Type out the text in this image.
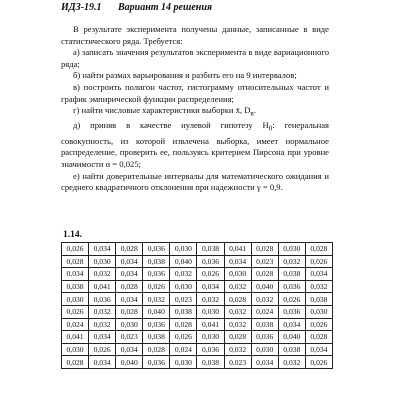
ИДЗ-19.1 Вариант 14 решения

В результате эксперимента получены данные, записанные в виде статистического ряда. Требуется:

а) записать значения результатов эксперимента в виде вариационного ряда;

б) найти размах варьирования и разбить его на 9 интервалов;

в) построить полигон частот, гистограмму относительных частот и график эмпирической функции распределения;

г) найти числовые характеристики выборки x̄, $D_в$.

д) приняв в качестве нулевой гипотезу $H_0$: генеральная совокупность, из которой извлечена выборка, имеет нормальное распределение, проверить ее, пользуясь критерием Пирсона при уровне значимости α = 0,025;

е) найти доверительные интервалы для математического ожидания и среднего квадратичного отклонения при надежности γ = 0,9.

1.14.
0,026	0,034	0,028	0,036	0,030	0,038	0,041	0,028	0,030	0,028
0,028	0,030	0,034	0,038	0,040	0,036	0,034	0,023	0,032	0,026
0,034	0,032	0,034	0,036	0,032	0,026	0,030	0,028	0,038	0,034
0,038	0,041	0,028	0,026	0,030	0,034	0,032	0,040	0,036	0,032
0,030	0,036	0,034	0,032	0,023	0,032	0,028	0,032	0,026	0,038
0,026	0,032	0,028	0,040	0,038	0,030	0,032	0,024	0,036	0,030
0,024	0,032	0,030	0,036	0,028	0,041	0,032	0,038	0,034	0,026
0,041	0,034	0,023	0,038	0,026	0,030	0,028	0,036	0,040	0,028
0,030	0,026	0,034	0,028	0,024	0,036	0,032	0,030	0,038	0,034
0,028	0,034	0,040	0,036	0,030	0,038	0,023	0,034	0,032	0,026
